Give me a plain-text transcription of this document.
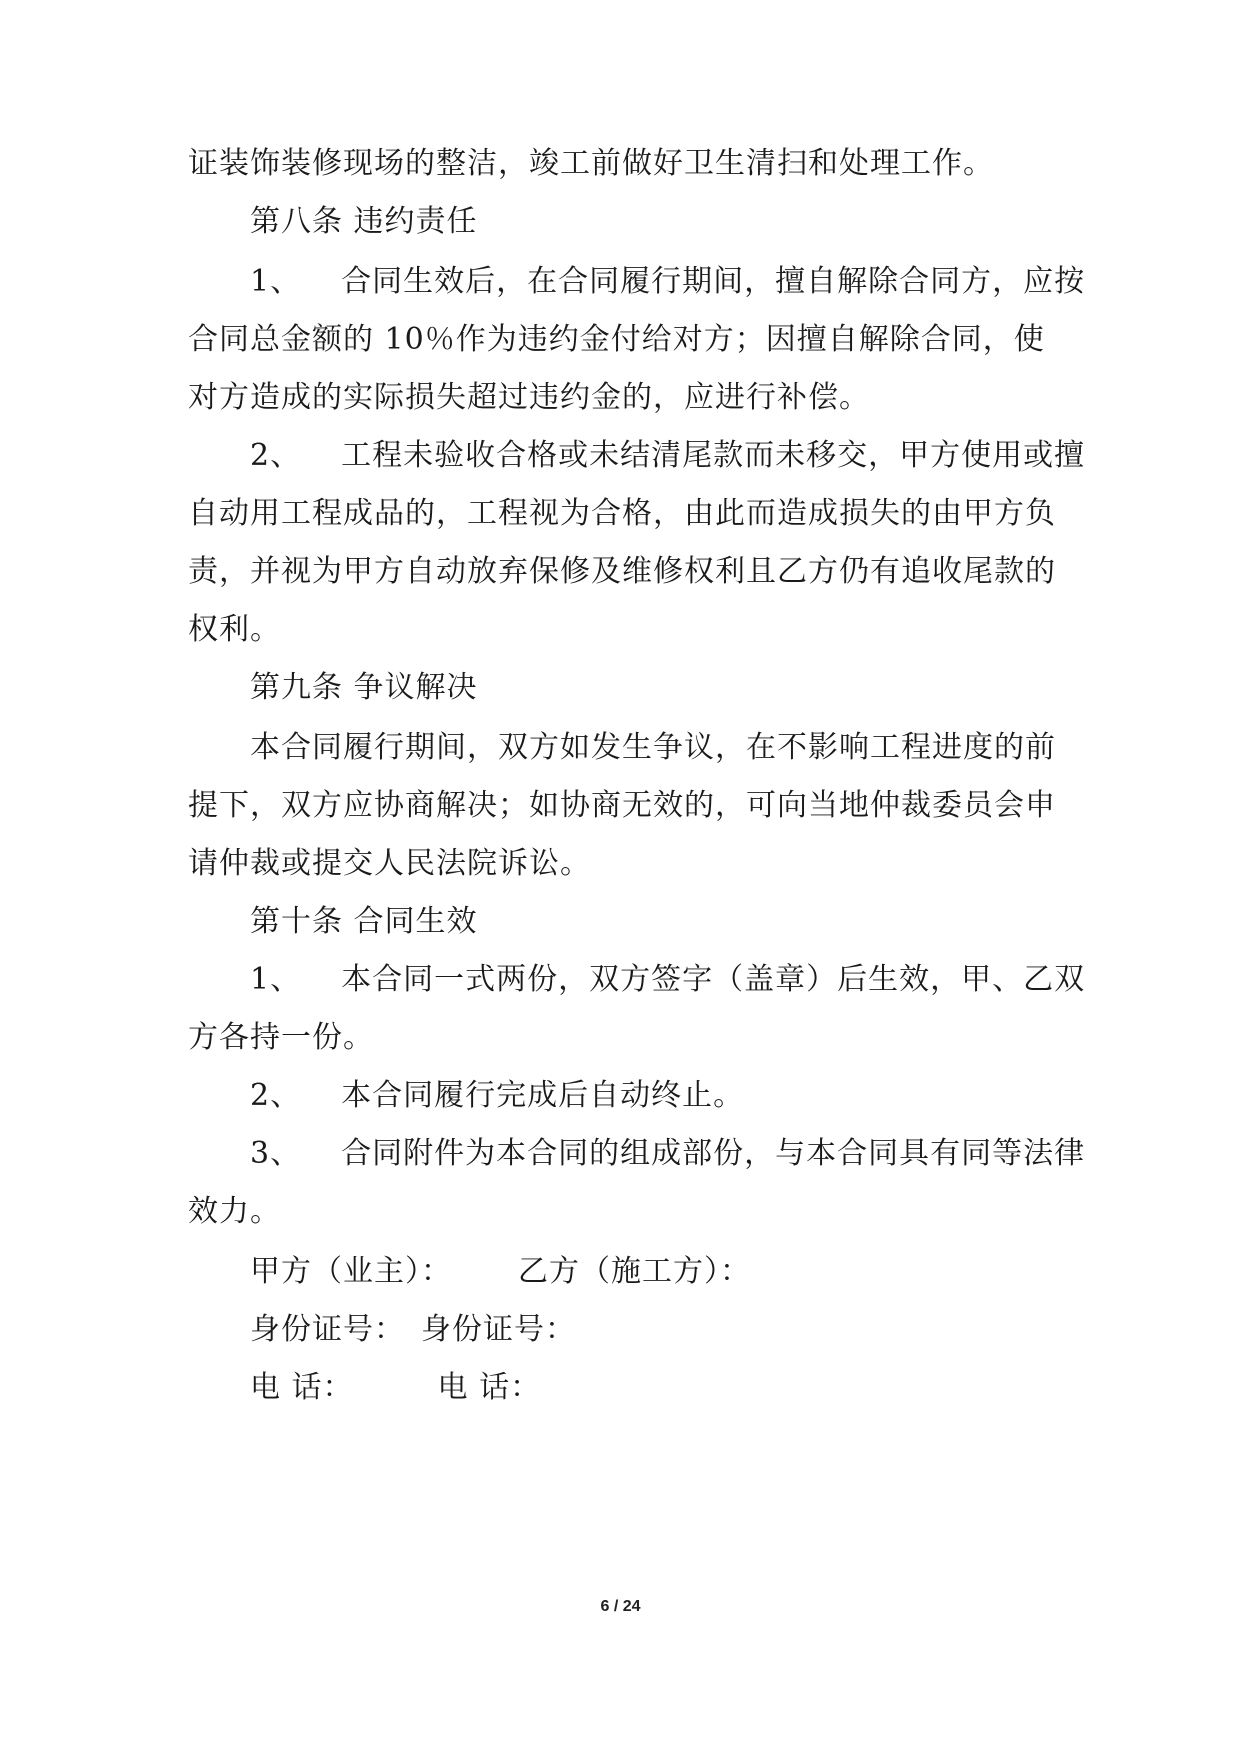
证装饰装修现场的整洁，竣工前做好卫生清扫和处理工作。
第八条 违约责任
1、 合同生效后，在合同履行期间，擅自解除合同方，应按
合同总金额的 10％作为违约金付给对方；因擅自解除合同，使
对方造成的实际损失超过违约金的，应进行补偿。
2、 工程未验收合格或未结清尾款而未移交，甲方使用或擅
自动用工程成品的，工程视为合格，由此而造成损失的由甲方负
责，并视为甲方自动放弃保修及维修权利且乙方仍有追收尾款的
权利。
第九条 争议解决
本合同履行期间，双方如发生争议，在不影响工程进度的前
提下，双方应协商解决；如协商无效的，可向当地仲裁委员会申
请仲裁或提交人民法院诉讼。
第十条 合同生效
1、 本合同一式两份，双方签字（盖章）后生效，甲、乙双
方各持一份。
2、 本合同履行完成后自动终止。
3、 合同附件为本合同的组成部份，与本合同具有同等法律
效力。
甲方（业主）： 乙方（施工方）：
身份证号： 身份证号：
电 话：	电 话：
6 / 24
